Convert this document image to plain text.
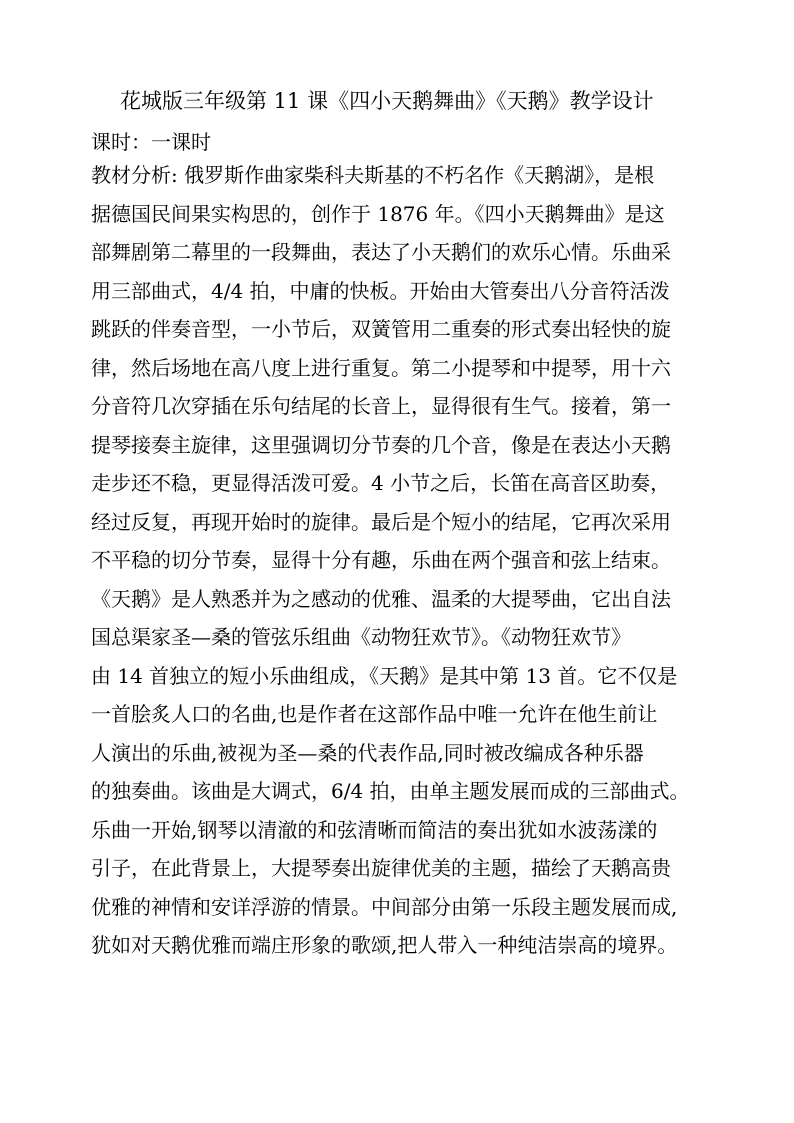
花城版三年级第 11 课《四小天鹅舞曲》《天鹅》教学设计
课时：一课时
教材分析: 俄罗斯作曲家柴科夫斯基的不朽名作《天鹅湖》，是根
据德国民间果实构思的，创作于 1876 年。《四小天鹅舞曲》是这
部舞剧第二幕里的一段舞曲，表达了小天鹅们的欢乐心情。乐曲采
用三部曲式，4/4 拍，中庸的快板。开始由大管奏出八分音符活泼
跳跃的伴奏音型，一小节后，双簧管用二重奏的形式奏出轻快的旋
律，然后场地在高八度上进行重复。第二小提琴和中提琴，用十六
分音符几次穿插在乐句结尾的长音上，显得很有生气。接着，第一
提琴接奏主旋律，这里强调切分节奏的几个音，像是在表达小天鹅
走步还不稳，更显得活泼可爱。4 小节之后，长笛在高音区助奏，
经过反复，再现开始时的旋律。最后是个短小的结尾，它再次采用
不平稳的切分节奏，显得十分有趣，乐曲在两个强音和弦上结束。
《天鹅》是人熟悉并为之感动的优雅、温柔的大提琴曲，它出自法
国总渠家圣—桑的管弦乐组曲《动物狂欢节》。《动物狂欢节》
由 14 首独立的短小乐曲组成，《天鹅》是其中第 13 首。它不仅是
一首脍炙人口的名曲,也是作者在这部作品中唯一允许在他生前让
人演出的乐曲,被视为圣—桑的代表作品,同时被改编成各种乐器
的独奏曲。该曲是大调式，6/4 拍，由单主题发展而成的三部曲式。
乐曲一开始,钢琴以清澈的和弦清晰而简洁的奏出犹如水波荡漾的
引子，在此背景上，大提琴奏出旋律优美的主题，描绘了天鹅高贵
优雅的神情和安详浮游的情景。中间部分由第一乐段主题发展而成,
犹如对天鹅优雅而端庄形象的歌颂,把人带入一种纯洁崇高的境界。
